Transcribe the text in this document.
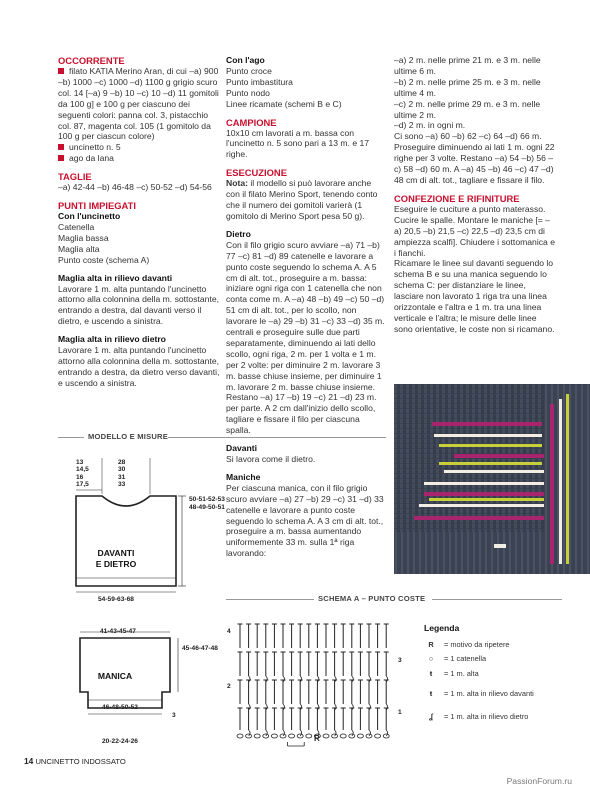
OCCORRENTE

filato KATIA Merino Aran, di cui –a) 900 –b) 1000 –c) 1000 –d) 1100 g grigio scuro col. 14 [–a) 9 –b) 10 –c) 10 –d) 11 gomitoli da 100 g] e 100 g per ciascuno dei seguenti colori: panna col. 3, pistacchio col. 87, magenta col. 105 (1 gomitolo da 100 g per ciascun colore)

uncinetto n. 5

ago da lana

TAGLIE

–a) 42-44 –b) 46-48 –c) 50-52 –d) 54-56

PUNTI IMPIEGATI

Con l'uncinetto

Catenella

Maglia bassa

Maglia alta

Punto coste (schema A)

Maglia alta in rilievo davanti

Lavorare 1 m. alta puntando l'uncinetto attorno alla colonnina della m. sottostante, entrando a destra, dal davanti verso il dietro, e uscendo a sinistra.

Maglia alta in rilievo dietro

Lavorare 1 m. alta puntando l'uncinetto attorno alla colonnina della m. sottostante, entrando a destra, da dietro verso davanti, e uscendo a sinistra.

Con l'ago

Punto croce

Punto imbastitura

Punto nodo

Linee ricamate (schemi B e C)

CAMPIONE

10x10 cm lavorati a m. bassa con l'uncinetto n. 5 sono pari a 13 m. e 17 righe.

ESECUZIONE

Nota: il modello si può lavorare anche con il filato Merino Sport, tenendo conto che il numero dei gomitoli varierà (1 gomitolo di Merino Sport pesa 50 g).

Dietro

Con il filo grigio scuro avviare –a) 71 –b) 77 –c) 81 –d) 89 catenelle e lavorare a punto coste seguendo lo schema A. A 5 cm di alt. tot., proseguire a m. bassa: iniziare ogni riga con 1 catenella che non conta come m. A –a) 48 –b) 49 –c) 50 –d) 51 cm di alt. tot., per lo scollo, non lavorare le –a) 29 –b) 31 –c) 33 –d) 35 m. centrali e proseguire sulle due parti separatamente, diminuendo ai lati dello scollo, ogni riga, 2 m. per 1 volta e 1 m. per 2 volte: per diminuire 2 m. lavorare 3 m. basse chiuse insieme, per diminuire 1 m. lavorare 2 m. basse chiuse insieme. Restano –a) 17 –b) 19 –c) 21 –d) 23 m. per parte. A 2 cm dall'inizio dello scollo, tagliare e fissare il filo per ciascuna spalla.

Davanti

Si lavora come il dietro.

Maniche

Per ciascuna manica, con il filo grigio scuro avviare –a) 27 –b) 29 –c) 31 –d) 33 catenelle e lavorare a punto coste seguendo lo schema A. A 3 cm di alt. tot., proseguire a m. bassa aumentando uniformemente 33 m. sulla 1ª riga lavorando:

–a) 2 m. nelle prime 21 m. e 3 m. nelle ultime 6 m.
–b) 2 m. nelle prime 25 m. e 3 m. nelle ultime 4 m.
–c) 2 m. nelle prime 29 m. e 3 m. nelle ultime 2 m.
–d) 2 m. in ogni m.
Ci sono –a) 60 –b) 62 –c) 64 –d) 66 m. Proseguire diminuendo ai lati 1 m. ogni 22 righe per 3 volte. Restano –a) 54 –b) 56 –c) 58 –d) 60 m. A –a) 45 –b) 46 –c) 47 –d) 48 cm di alt. tot., tagliare e fissare il filo.

CONFEZIONE E RIFINITURE

Eseguire le cuciture a punto materasso. Cucire le spalle. Montare le maniche [= –a) 20,5 –b) 21,5 –c) 22,5 –d) 23,5 cm di ampiezza scalfi]. Chiudere i sottomanica e i fianchi.
Ricamare le linee sul davanti seguendo lo schema B e su una manica seguendo lo schema C: per distanziare le linee, lasciare non lavorato 1 riga tra una linea orizzontale e l'altra e 1 m. tra una linea verticale e l'altra; le misure delle linee sono orientative, le coste non si ricamano.

MODELLO E MISURE
13
14,5
16
17,5
28
30
31
33
50-51-52-53
48-49-50-51
DAVANTI
E DIETRO
54-59-63-68
41-43-45-47
45-46-47-48
MANICA
46-48-50-52
3
20-22-24-26
SCHEMA A – PUNTO COSTE
4
2
3
1
R
Legenda
R	= motivo da ripetere
○	= 1 catenella
ŧ	= 1 m. alta
ŧ	= 1 m. alta in rilievo davanti
ʆ	= 1 m. alta in rilievo dietro
14 UNCINETTO INDOSSATO
PassionForum.ru
